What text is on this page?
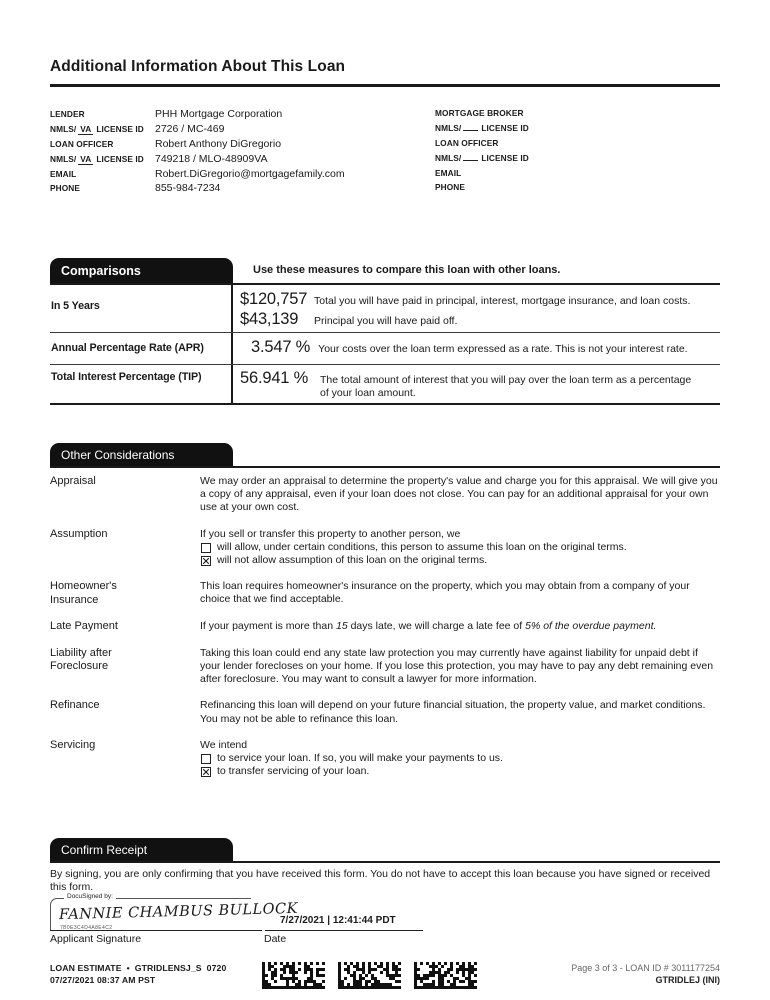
Additional Information About This Loan
LENDER	PHH Mortgage Corporation
NMLS/ VA LICENSE ID	2726 / MC-469
LOAN OFFICER	Robert Anthony DiGregorio
NMLS/ VA LICENSE ID	749218 / MLO-48909VA
EMAIL	Robert.DiGregorio@mortgagefamily.com
PHONE	855-984-7234
MORTGAGE BROKER
NMLS/ LICENSE ID
LOAN OFFICER
NMLS/ LICENSE ID
EMAIL
PHONE
Comparisons	Use these measures to compare this loan with other loans.
In 5 Years	$120,757 Total you will have paid in principal, interest, mortgage insurance, and loan costs.
$43,139	Principal you will have paid off.
Annual Percentage Rate (APR)	3.547 % Your costs over the loan term expressed as a rate. This is not your interest rate.
Total Interest Percentage (TIP)	56.941 %	The total amount of interest that you will pay over the loan term as a percentage of your loan amount.
Other Considerations
Appraisal	We may order an appraisal to determine the property's value and charge you for this appraisal. We will give you a copy of any appraisal, even if your loan does not close. You can pay for an additional appraisal for your own use at your own cost.
Assumption	If you sell or transfer this property to another person, we
will allow, under certain conditions, this person to assume this loan on the original terms.
will not allow assumption of this loan on the original terms.
Homeowner's Insurance
This loan requires homeowner's insurance on the property, which you may obtain from a company of your choice that we find acceptable.
Late Payment	If your payment is more than 15 days late, we will charge a late fee of 5% of the overdue payment.
Liability after Foreclosure
Taking this loan could end any state law protection you may currently have against liability for unpaid debt if your lender forecloses on your home. If you lose this protection, you may have to pay any debt remaining even after foreclosure. You may want to consult a lawyer for more information.
Refinance	Refinancing this loan will depend on your future financial situation, the property value, and market conditions. You may not be able to refinance this loan.
Servicing	We intend
to service your loan. If so, you will make your payments to us.
to transfer servicing of your loan.
Confirm Receipt
By signing, you are only confirming that you have received this form. You do not have to accept this loan because you have signed or received this form.
DocuSigned by:
FANNIE CHAMBUS BULLOCK
7B0E3C4D4A8E4C2
7/27/2021 | 12:41:44 PDT
Applicant Signature	Date
LOAN ESTIMATE  •  GTRIDLENSJ_S  0720
07/27/2021 08:37 AM PST
Page 3 of 3 - LOAN ID # 3011177254
GTRIDLEJ (INI)
